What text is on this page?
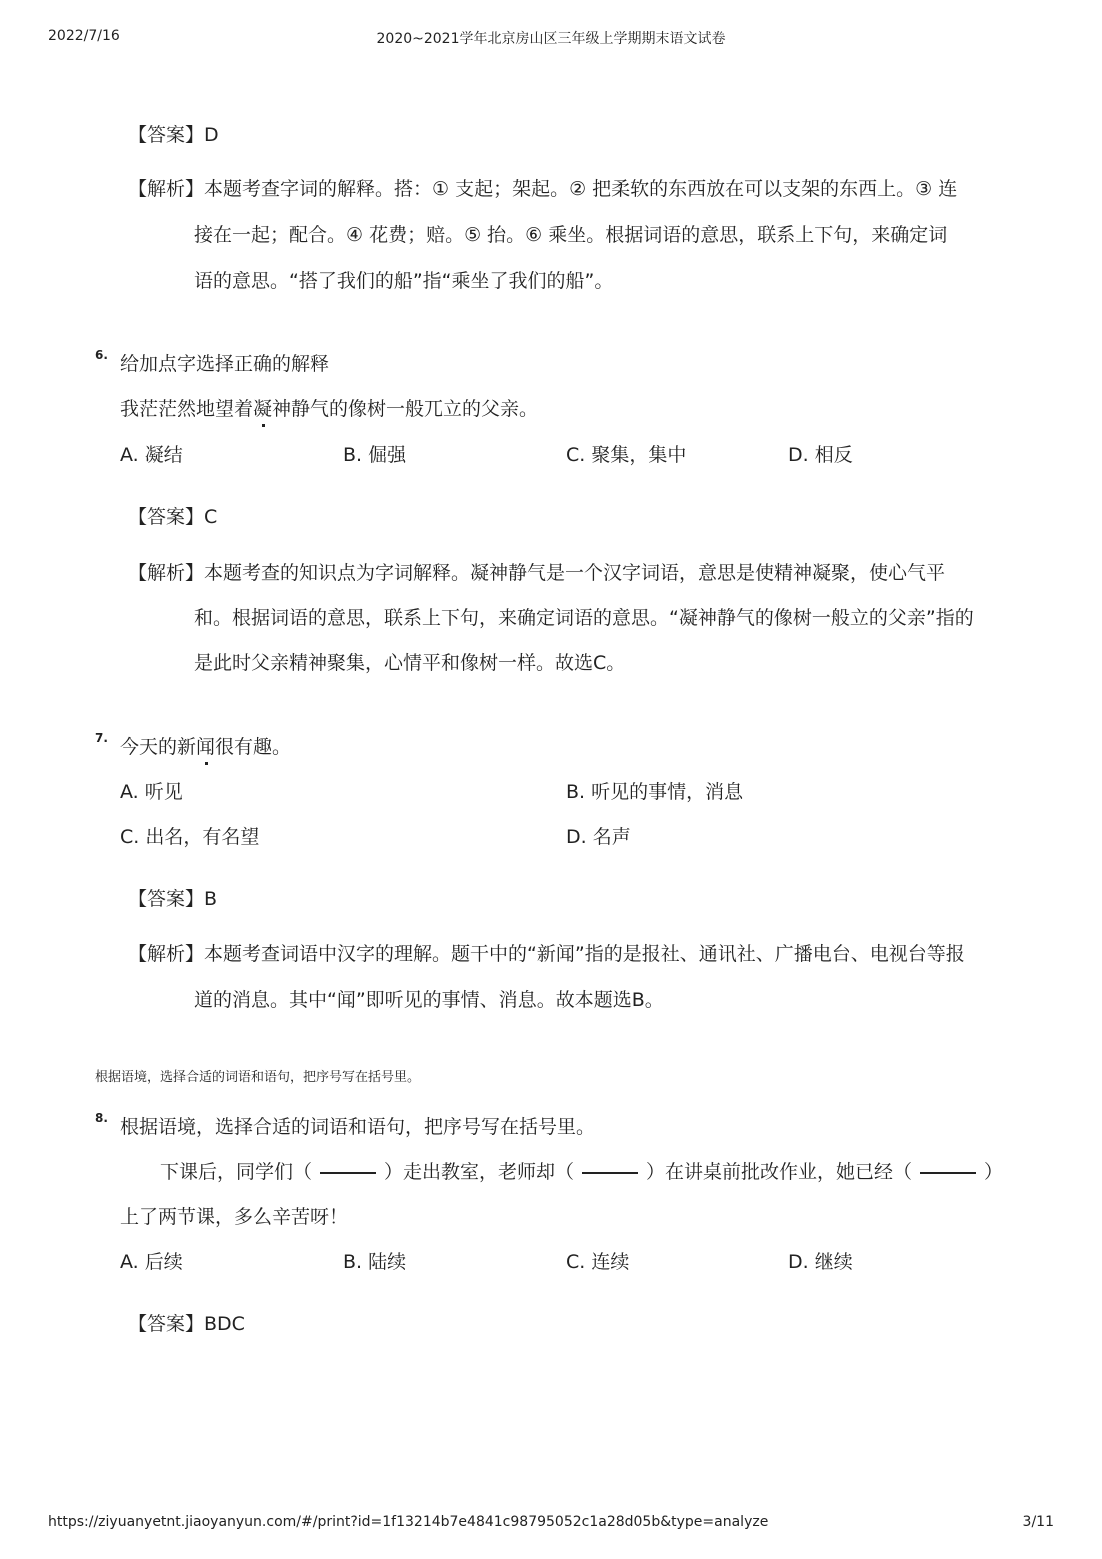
2022/7/16	2020~2021学年北京房山区三年级上学期期末语文试卷
【答案】D
【解析】本题考查字词的解释。搭：① 支起；架起。② 把柔软的东西放在可以支架的东西上。③ 连
接在一起；配合。④ 花费；赔。⑤ 抬。⑥ 乘坐。根据词语的意思，联系上下句，来确定词
语的意思。“搭了我们的船”指“乘坐了我们的船”。
6. 给加点字选择正确的解释
我茫茫然地望着凝神静气的像树一般兀立的父亲。
A. 凝结	B. 倔强	C. 聚集，集中	D. 相反
【答案】C
【解析】本题考查的知识点为字词解释。凝神静气是一个汉字词语，意思是使精神凝聚，使心气平
和。根据词语的意思，联系上下句，来确定词语的意思。“凝神静气的像树一般立的父亲”指的
是此时父亲精神聚集，心情平和像树一样。故选C。
7. 今天的新闻很有趣。
A. 听见	B. 听见的事情，消息
C. 出名，有名望	D. 名声
【答案】B
【解析】本题考查词语中汉字的理解。题干中的“新闻”指的是报社、通讯社、广播电台、电视台等报
道的消息。其中“闻”即听见的事情、消息。故本题选B。
根据语境，选择合适的词语和语句，把序号写在括号里。
8. 根据语境，选择合适的词语和语句，把序号写在括号里。
下课后，同学们（	）走出教室，老师却（	）在讲桌前批改作业，她已经（	）
上了两节课，多么辛苦呀！
A. 后续	B. 陆续	C. 连续	D. 继续
【答案】BDC
https://ziyuanyetnt.jiaoyanyun.com/#/print?id=1f13214b7e4841c98795052c1a28d05b&type=analyze	3/11
